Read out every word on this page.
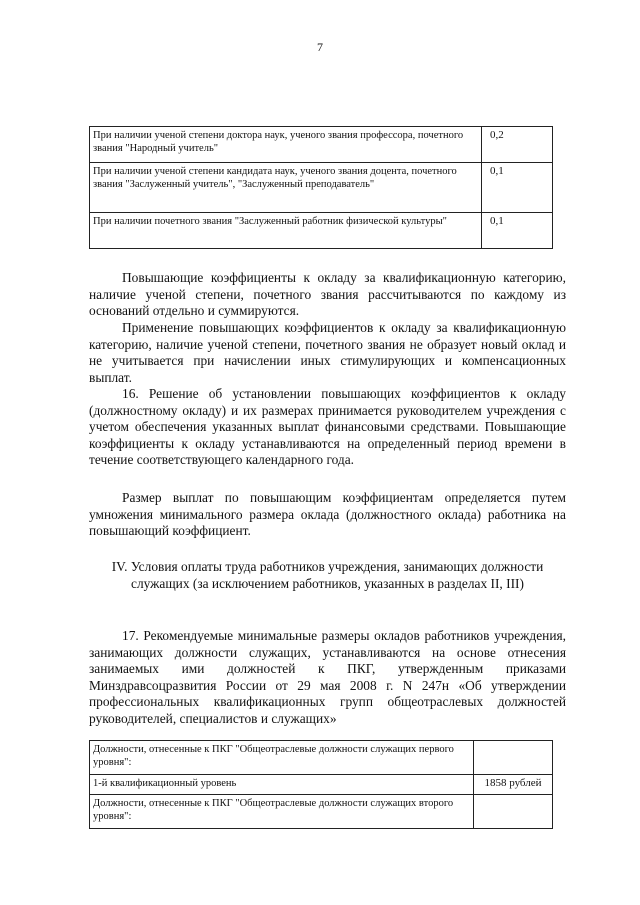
7
При наличии ученой степени доктора наук, ученого звания профессора, почетного звания "Народный учитель"	0,2
При наличии ученой степени кандидата наук, ученого звания доцента, почетного звания "Заслуженный учитель", "Заслуженный преподаватель"	0,1
При наличии почетного звания "Заслуженный работник физической культуры"	0,1

Повышающие коэффициенты к окладу за квалификационную категорию, наличие ученой степени, почетного звания рассчитываются по каждому из оснований отдельно и суммируются.

Применение повышающих коэффициентов к окладу за квалификационную категорию, наличие ученой степени, почетного звания не образует новый оклад и не учитывается при начислении иных стимулирующих и компенсационных выплат.

16. Решение об установлении повышающих коэффициентов к окладу (должностному окладу) и их размерах принимается руководителем учреждения с учетом обеспечения указанных выплат финансовыми средствами. Повышающие коэффициенты к окладу устанавливаются на определенный период времени в течение соответствующего календарного года.

Размер выплат по повышающим коэффициентам определяется путем умножения минимального размера оклада (должностного оклада) работника на повышающий коэффициент.

IV. Условия оплаты труда работников учреждения, занимающих должности служащих (за исключением работников, указанных в разделах II, III)

17. Рекомендуемые минимальные размеры окладов работников учреждения, занимающих должности служащих, устанавливаются на основе отнесения занимаемых ими должностей к ПКГ, утвержденным приказами Минздравсоцразвития России от 29 мая 2008 г. N 247н «Об утверждении профессиональных квалификационных групп общеотраслевых должностей руководителей, специалистов и служащих»

Должности, отнесенные к ПКГ "Общеотраслевые должности служащих первого уровня":	
1-й квалификационный уровень	1858 рублей
Должности, отнесенные к ПКГ "Общеотраслевые должности служащих второго уровня":	
